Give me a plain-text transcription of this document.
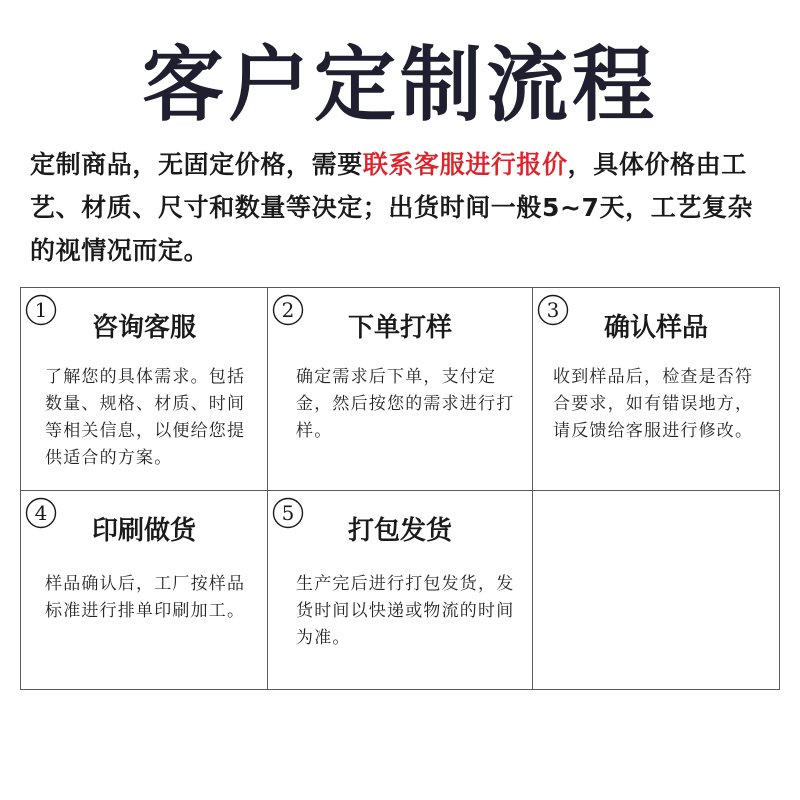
客户定制流程
定制商品，无固定价格，需要联系客服进行报价，具体价格由工艺、材质、尺寸和数量等决定；出货时间一般5~7天，工艺复杂的视情况而定。
1
咨询客服
了解您的具体需求。包括数量、规格、材质、时间等相关信息，以便给您提供适合的方案。
2
下单打样
确定需求后下单，支付定金，然后按您的需求进行打样。
3
确认样品
收到样品后，检查是否符合要求，如有错误地方，请反馈给客服进行修改。
4
印刷做货
样品确认后，工厂按样品标准进行排单印刷加工。
5
打包发货
生产完后进行打包发货，发货时间以快递或物流的时间为准。
